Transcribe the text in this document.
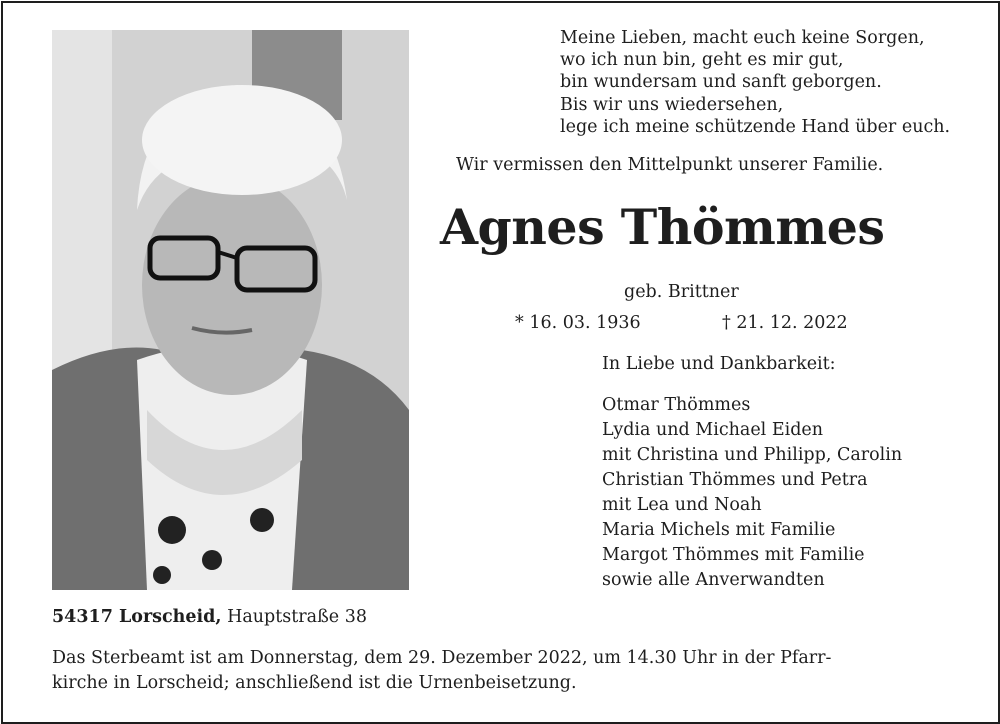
Meine Lieben, macht euch keine Sorgen,
wo ich nun bin, geht es mir gut,
bin wundersam und sanft geborgen.
Bis wir uns wiedersehen,
lege ich meine schützende Hand über euch.
Wir vermissen den Mittelpunkt unserer Familie.
Agnes Thömmes
geb. Brittner
* 16. 03. 1936	† 21. 12. 2022
In Liebe und Dankbarkeit:
Otmar Thömmes
Lydia und Michael Eiden
mit Christina und Philipp, Carolin
Christian Thömmes und Petra
mit Lea und Noah
Maria Michels mit Familie
Margot Thömmes mit Familie
sowie alle Anverwandten
54317 Lorscheid, Hauptstraße 38
Das Sterbeamt ist am Donnerstag, dem 29. Dezember 2022, um 14.30 Uhr in der Pfarr-
kirche in Lorscheid; anschließend ist die Urnenbeisetzung.
